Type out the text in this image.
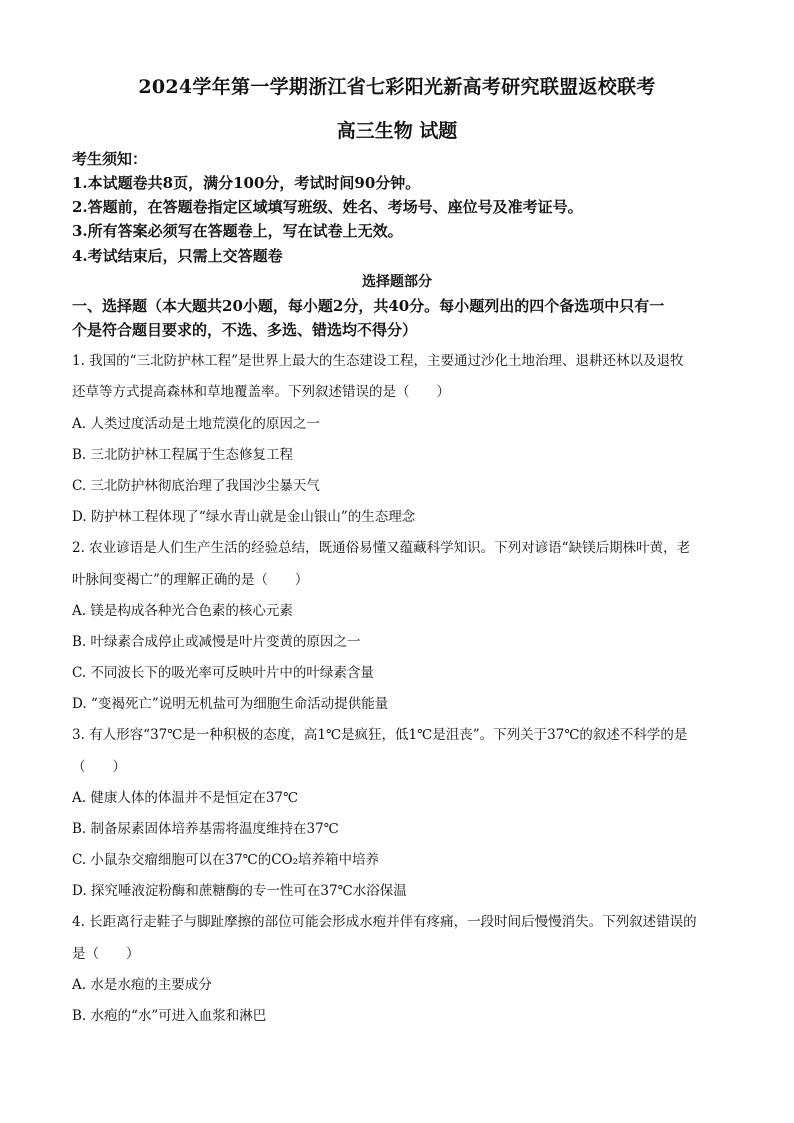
2024学年第一学期浙江省七彩阳光新高考研究联盟返校联考
高三生物 试题
考生须知：
1.本试题卷共8页，满分100分，考试时间90分钟。
2.答题前，在答题卷指定区域填写班级、姓名、考场号、座位号及准考证号。
3.所有答案必须写在答题卷上，写在试卷上无效。
4.考试结束后，只需上交答题卷
选择题部分
一、选择题（本大题共20小题，每小题2分，共40分。每小题列出的四个备选项中只有一
个是符合题目要求的，不选、多选、错选均不得分）
1. 我国的“三北防护林工程”是世界上最大的生态建设工程，主要通过沙化土地治理、退耕还林以及退牧
还草等方式提高森林和草地覆盖率。下列叙述错误的是（　　）
A. 人类过度活动是土地荒漠化的原因之一
B. 三北防护林工程属于生态修复工程
C. 三北防护林彻底治理了我国沙尘暴天气
D. 防护林工程体现了“绿水青山就是金山银山”的生态理念
2. 农业谚语是人们生产生活的经验总结，既通俗易懂又蕴藏科学知识。下列对谚语“缺镁后期株叶黄，老
叶脉间变褐亡”的理解正确的是（　　）
A. 镁是构成各种光合色素的核心元素
B. 叶绿素合成停止或减慢是叶片变黄的原因之一
C. 不同波长下的吸光率可反映叶片中的叶绿素含量
D. “变褐死亡”说明无机盐可为细胞生命活动提供能量
3. 有人形容“37℃是一种积极的态度，高1℃是疯狂，低1℃是沮丧”。下列关于37℃的叙述不科学的是
（　　）
A. 健康人体的体温并不是恒定在37℃
B. 制备尿素固体培养基需将温度维持在37℃
C. 小鼠杂交瘤细胞可以在37℃的CO₂培养箱中培养
D. 探究唾液淀粉酶和蔗糖酶的专一性可在37℃水浴保温
4. 长距离行走鞋子与脚趾摩擦的部位可能会形成水疱并伴有疼痛，一段时间后慢慢消失。下列叙述错误的
是（　　）
A. 水是水疱的主要成分
B. 水疱的“水”可进入血浆和淋巴
